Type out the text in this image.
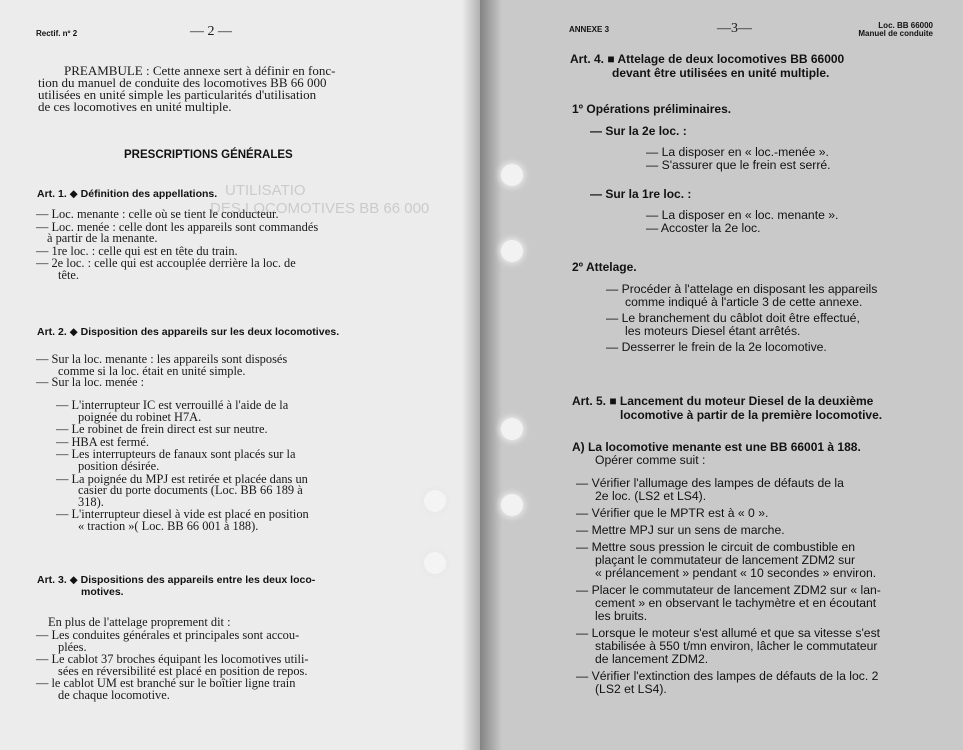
UTILISATIO
DES LOCOMOTIVES BB 66 000
Rectif. nº 2	— 2 —
PREAMBULE : Cette annexe sert à définir en fonc-
tion du manuel de conduite des locomotives BB 66 000
utilisées en unité simple les particularités d'utilisation
de ces locomotives en unité multiple.
PRESCRIPTIONS GÉNÉRALES
Art. 1. ◆ Définition des appellations.
— Loc. menante : celle où se tient le conducteur.
— Loc. menée : celle dont les appareils sont commandés
à partir de la menante.
— 1re loc. : celle qui est en tête du train.
— 2e loc. : celle qui est accouplée derrière la loc. de
tête.
Art. 2. ◆ Disposition des appareils sur les deux locomotives.
— Sur la loc. menante : les appareils sont disposés
comme si la loc. était en unité simple.
— Sur la loc. menée :
— L'interrupteur IC est verrouillé à l'aide de la
poignée du robinet H7A.
— Le robinet de frein direct est sur neutre.
— HBA est fermé.
— Les interrupteurs de fanaux sont placés sur la
position désirée.
— La poignée du MPJ est retirée et placée dans un
casier du porte documents (Loc. BB 66 189 à
318).
— L'interrupteur diesel à vide est placé en position
« traction »( Loc. BB 66 001 à 188).
Art. 3. ◆ Dispositions des appareils entre les deux loco-
motives.
En plus de l'attelage proprement dit :
— Les conduites générales et principales sont accou-
plées.
— Le cablot 37 broches équipant les locomotives utili-
sées en réversibilité est placé en position de repos.
— le cablot UM est branché sur le boîtier ligne train
de chaque locomotive.
ANNEXE 3	—3—	Loc. BB 66000
Manuel de conduite
Art. 4. ■ Attelage de deux locomotives BB 66000
devant être utilisées en unité multiple.
1º Opérations préliminaires.
— Sur la 2e loc. :
— La disposer en « loc.-menée ».
— S'assurer que le frein est serré.
— Sur la 1re loc. :
— La disposer en « loc. menante ».
— Accoster la 2e loc.
2º Attelage.
— Procéder à l'attelage en disposant les appareils
comme indiqué à l'article 3 de cette annexe.
— Le branchement du câblot doit être effectué,
les moteurs Diesel étant arrêtés.
— Desserrer le frein de la 2e locomotive.
Art. 5. ■ Lancement du moteur Diesel de la deuxième
locomotive à partir de la première locomotive.
A) La locomotive menante est une BB 66001 à 188.
Opérer comme suit :
— Vérifier l'allumage des lampes de défauts de la
2e loc. (LS2 et LS4).
— Vérifier que le MPTR est à « 0 ».
— Mettre MPJ sur un sens de marche.
— Mettre sous pression le circuit de combustible en
plaçant le commutateur de lancement ZDM2 sur
« prélancement » pendant « 10 secondes » environ.
— Placer le commutateur de lancement ZDM2 sur « lan-
cement » en observant le tachymètre et en écoutant
les bruits.
— Lorsque le moteur s'est allumé et que sa vitesse s'est
stabilisée à 550 t/mn environ, lâcher le commutateur
de lancement ZDM2.
— Vérifier l'extinction des lampes de défauts de la loc. 2
(LS2 et LS4).
